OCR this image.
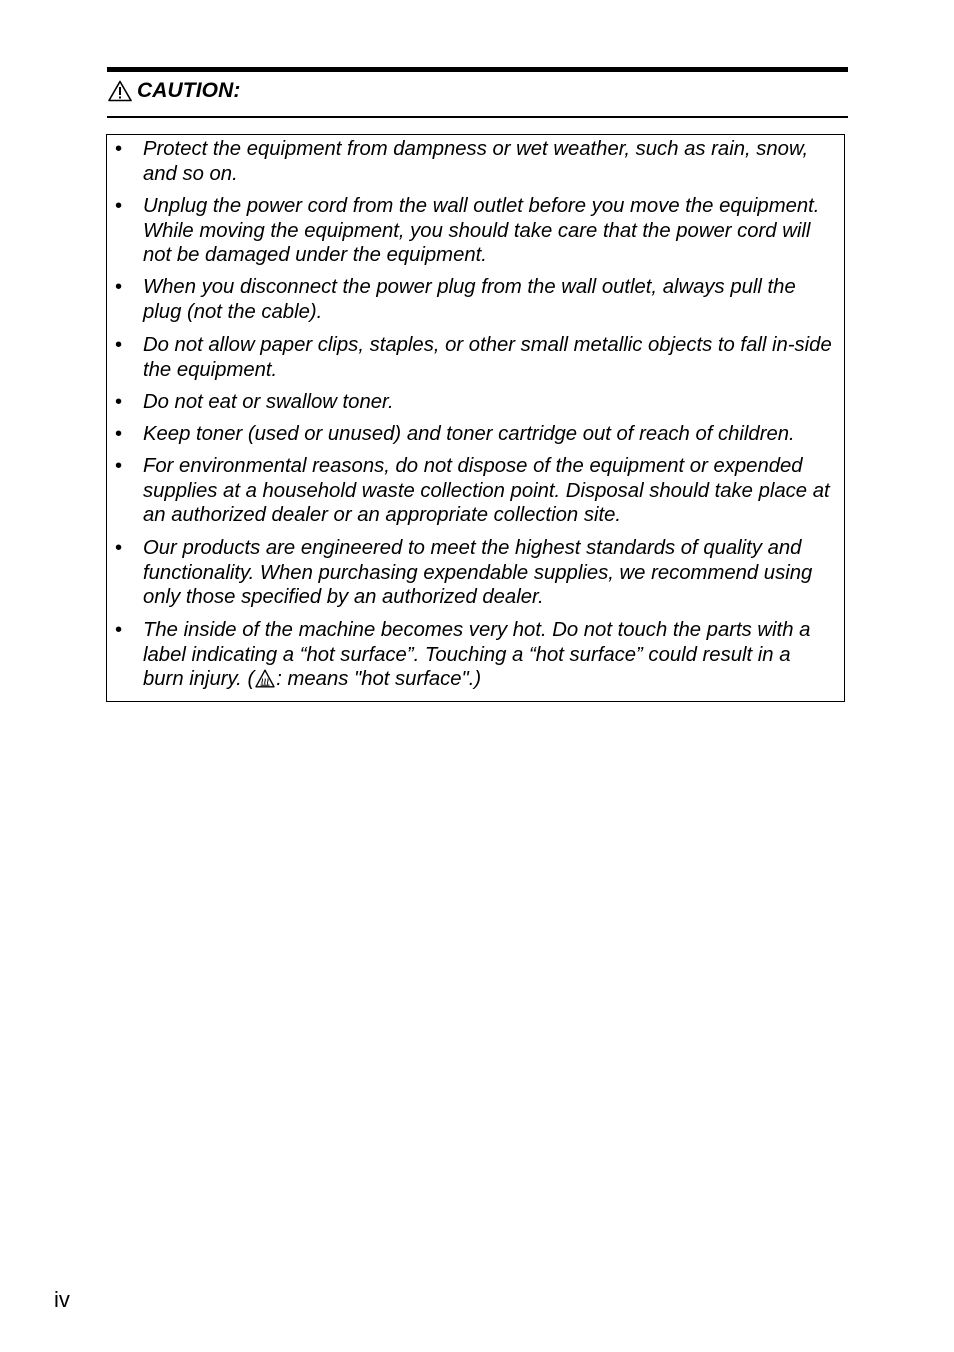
CAUTION:
• Protect the equipment from dampness or wet weather, such as rain, snow, and so on.
• Unplug the power cord from the wall outlet before you move the equipment. While moving the equipment, you should take care that the power cord will not be damaged under the equipment.
• When you disconnect the power plug from the wall outlet, always pull the plug (not the cable).
• Do not allow paper clips, staples, or other small metallic objects to fall in-side the equipment.
• Do not eat or swallow toner.
• Keep toner (used or unused) and toner cartridge out of reach of children.
• For environmental reasons, do not dispose of the equipment or expended supplies at a household waste collection point. Disposal should take place at an authorized dealer or an appropriate collection site.
• Our products are engineered to meet the highest standards of quality and functionality. When purchasing expendable supplies, we recommend using only those specified by an authorized dealer.
• The inside of the machine becomes very hot. Do not touch the parts with a label indicating a “hot surface”. Touching a “hot surface” could result in a burn injury. ( : means "hot surface".)
iv
